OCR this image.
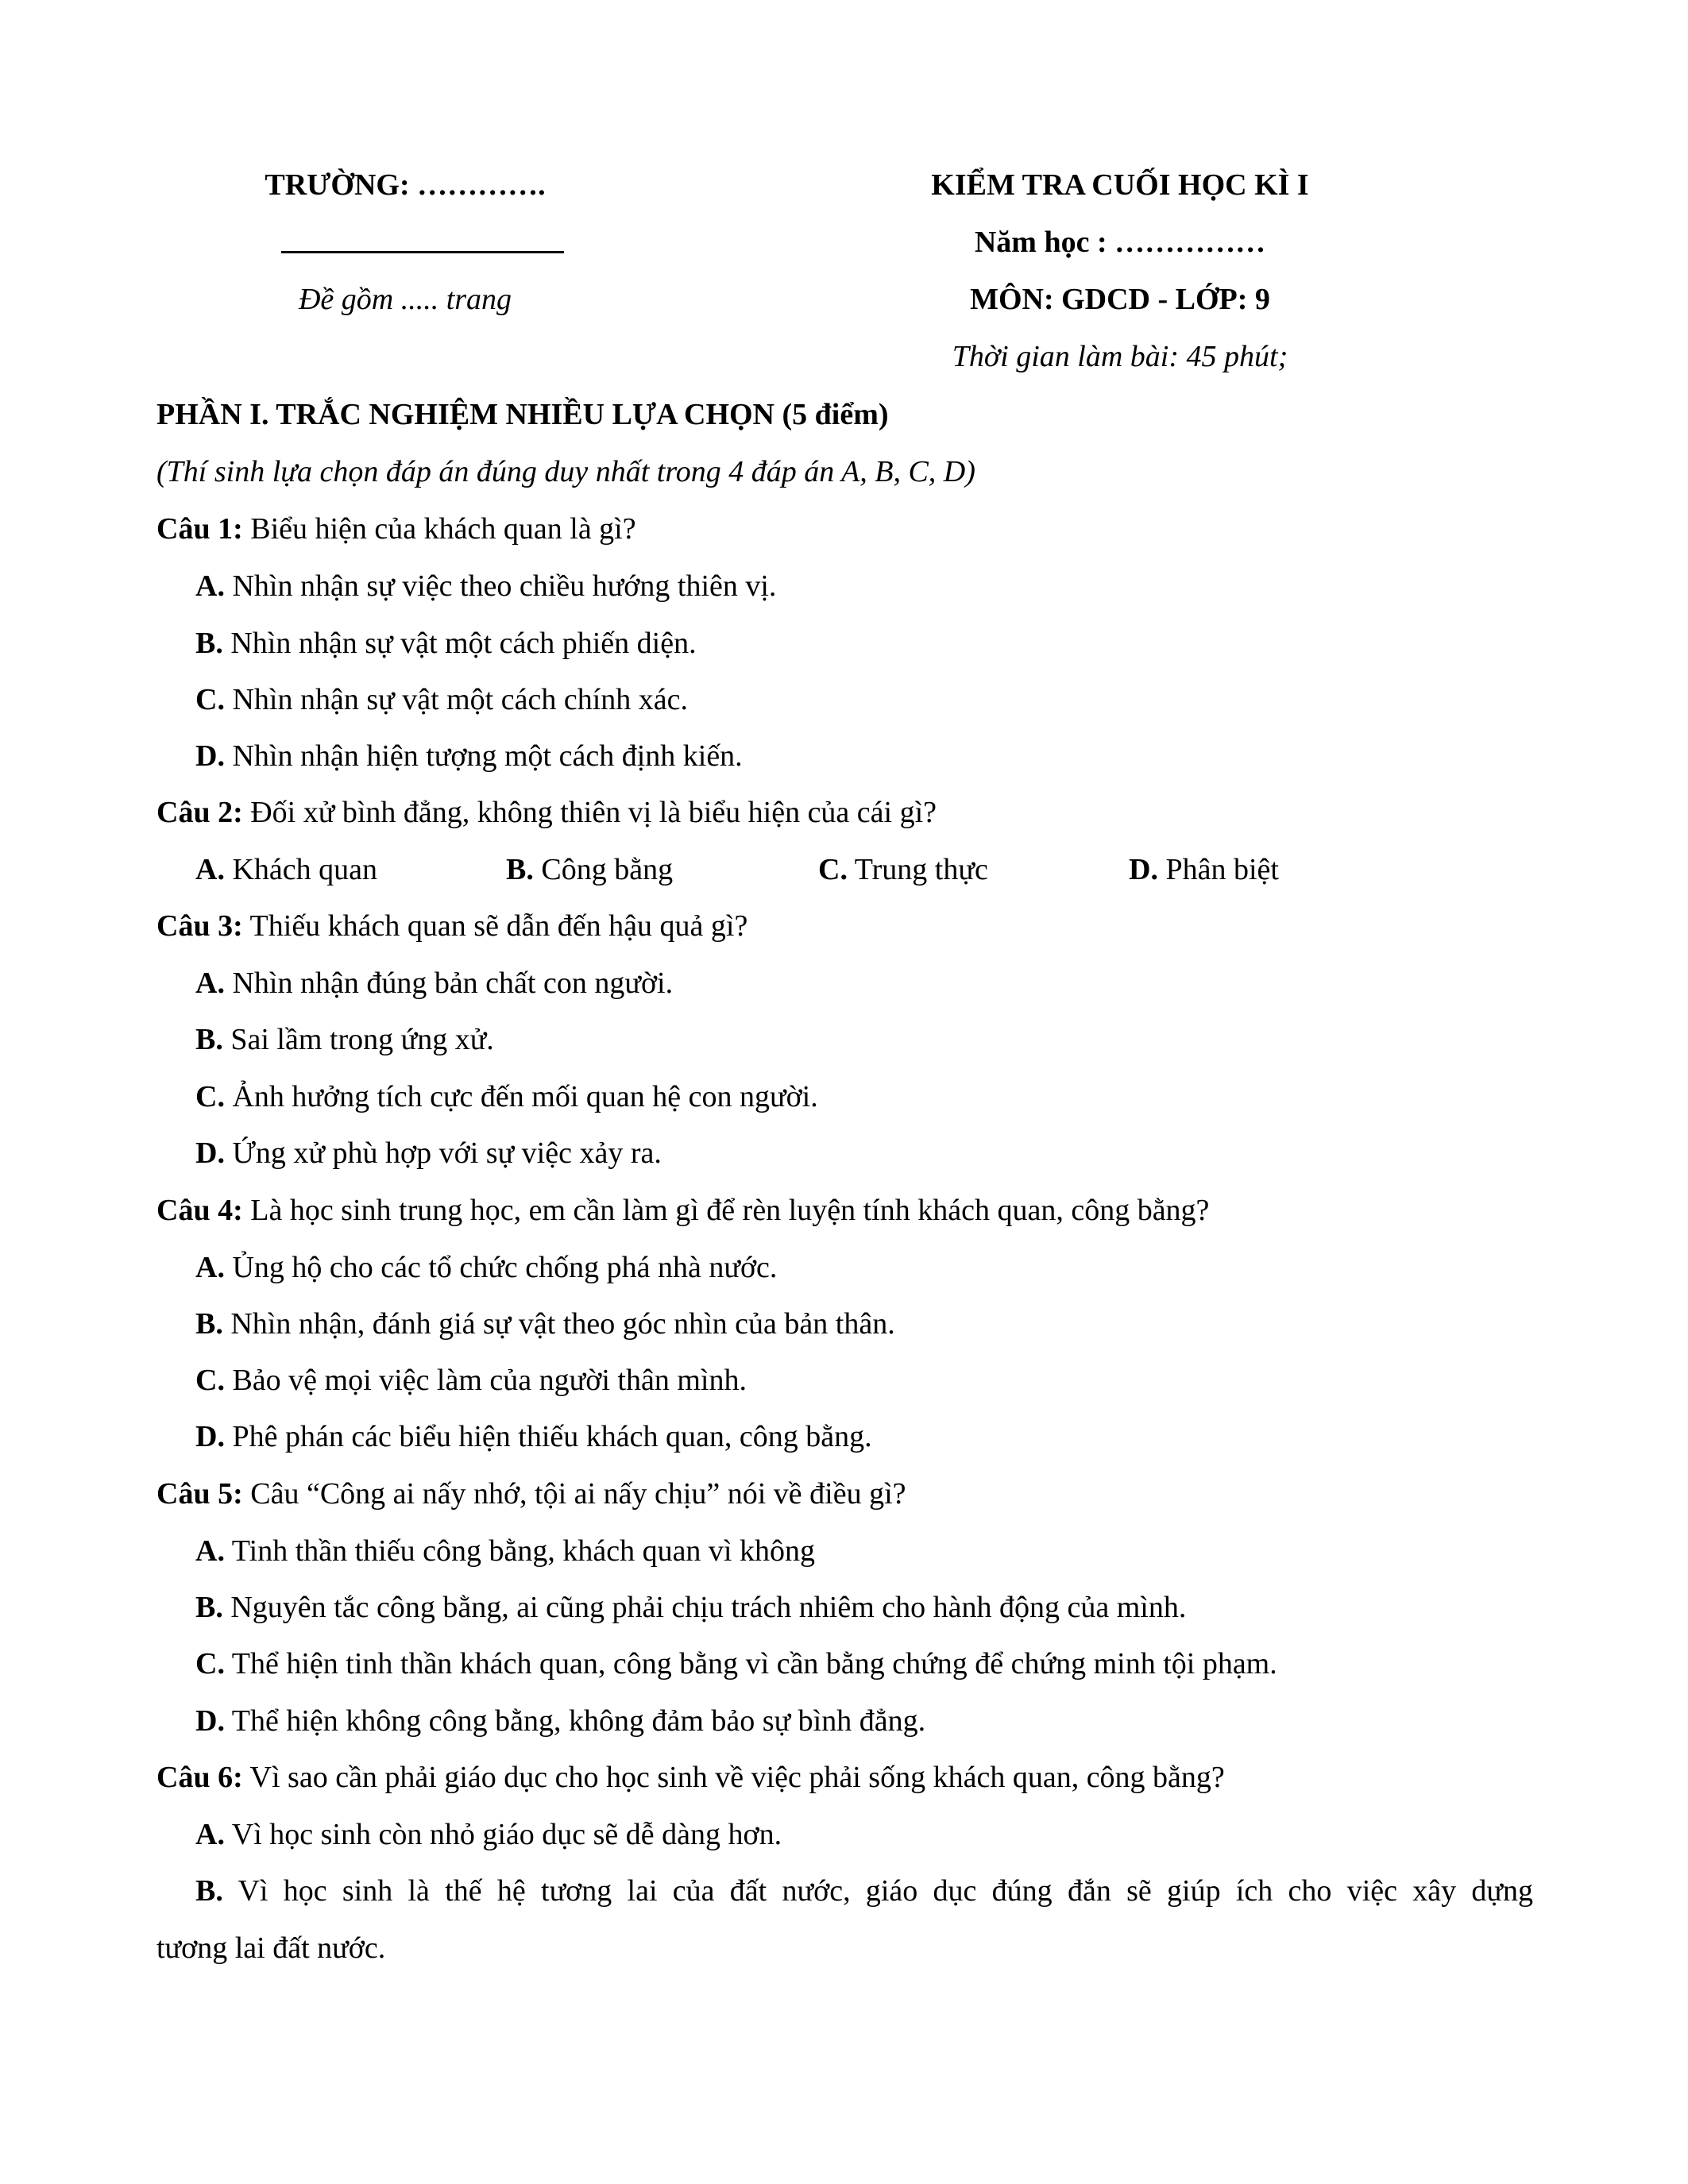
TRƯỜNG: ………….
Đề gồm ..... trang
KIỂM TRA CUỐI HỌC KÌ I
Năm học : ……………
MÔN: GDCD - LỚP: 9
Thời gian làm bài: 45 phút;
PHẦN I. TRẮC NGHIỆM NHIỀU LỰA CHỌN (5 điểm)
(Thí sinh lựa chọn đáp án đúng duy nhất trong 4 đáp án A, B, C, D)
Câu 1: Biểu hiện của khách quan là gì?
A. Nhìn nhận sự việc theo chiều hướng thiên vị.
B. Nhìn nhận sự vật một cách phiến diện.
C. Nhìn nhận sự vật một cách chính xác.
D. Nhìn nhận hiện tượng một cách định kiến.
Câu 2: Đối xử bình đẳng, không thiên vị là biểu hiện của cái gì?
A. Khách quan	B. Công bằng	C. Trung thực	D. Phân biệt
Câu 3: Thiếu khách quan sẽ dẫn đến hậu quả gì?
A. Nhìn nhận đúng bản chất con người.
B. Sai lầm trong ứng xử.
C. Ảnh hưởng tích cực đến mối quan hệ con người.
D. Ứng xử phù hợp với sự việc xảy ra.
Câu 4: Là học sinh trung học, em cần làm gì để rèn luyện tính khách quan, công bằng?
A. Ủng hộ cho các tổ chức chống phá nhà nước.
B. Nhìn nhận, đánh giá sự vật theo góc nhìn của bản thân.
C. Bảo vệ mọi việc làm của người thân mình.
D. Phê phán các biểu hiện thiếu khách quan, công bằng.
Câu 5: Câu “Công ai nấy nhớ, tội ai nấy chịu” nói về điều gì?
A. Tinh thần thiếu công bằng, khách quan vì không
B. Nguyên tắc công bằng, ai cũng phải chịu trách nhiêm cho hành động của mình.
C. Thể hiện tinh thần khách quan, công bằng vì cần bằng chứng để chứng minh tội phạm.
D. Thể hiện không công bằng, không đảm bảo sự bình đẳng.
Câu 6: Vì sao cần phải giáo dục cho học sinh về việc phải sống khách quan, công bằng?
A. Vì học sinh còn nhỏ giáo dục sẽ dễ dàng hơn.
B. Vì học sinh là thế hệ tương lai của đất nước, giáo dục đúng đắn sẽ giúp ích cho việc xây dựng
tương lai đất nước.
